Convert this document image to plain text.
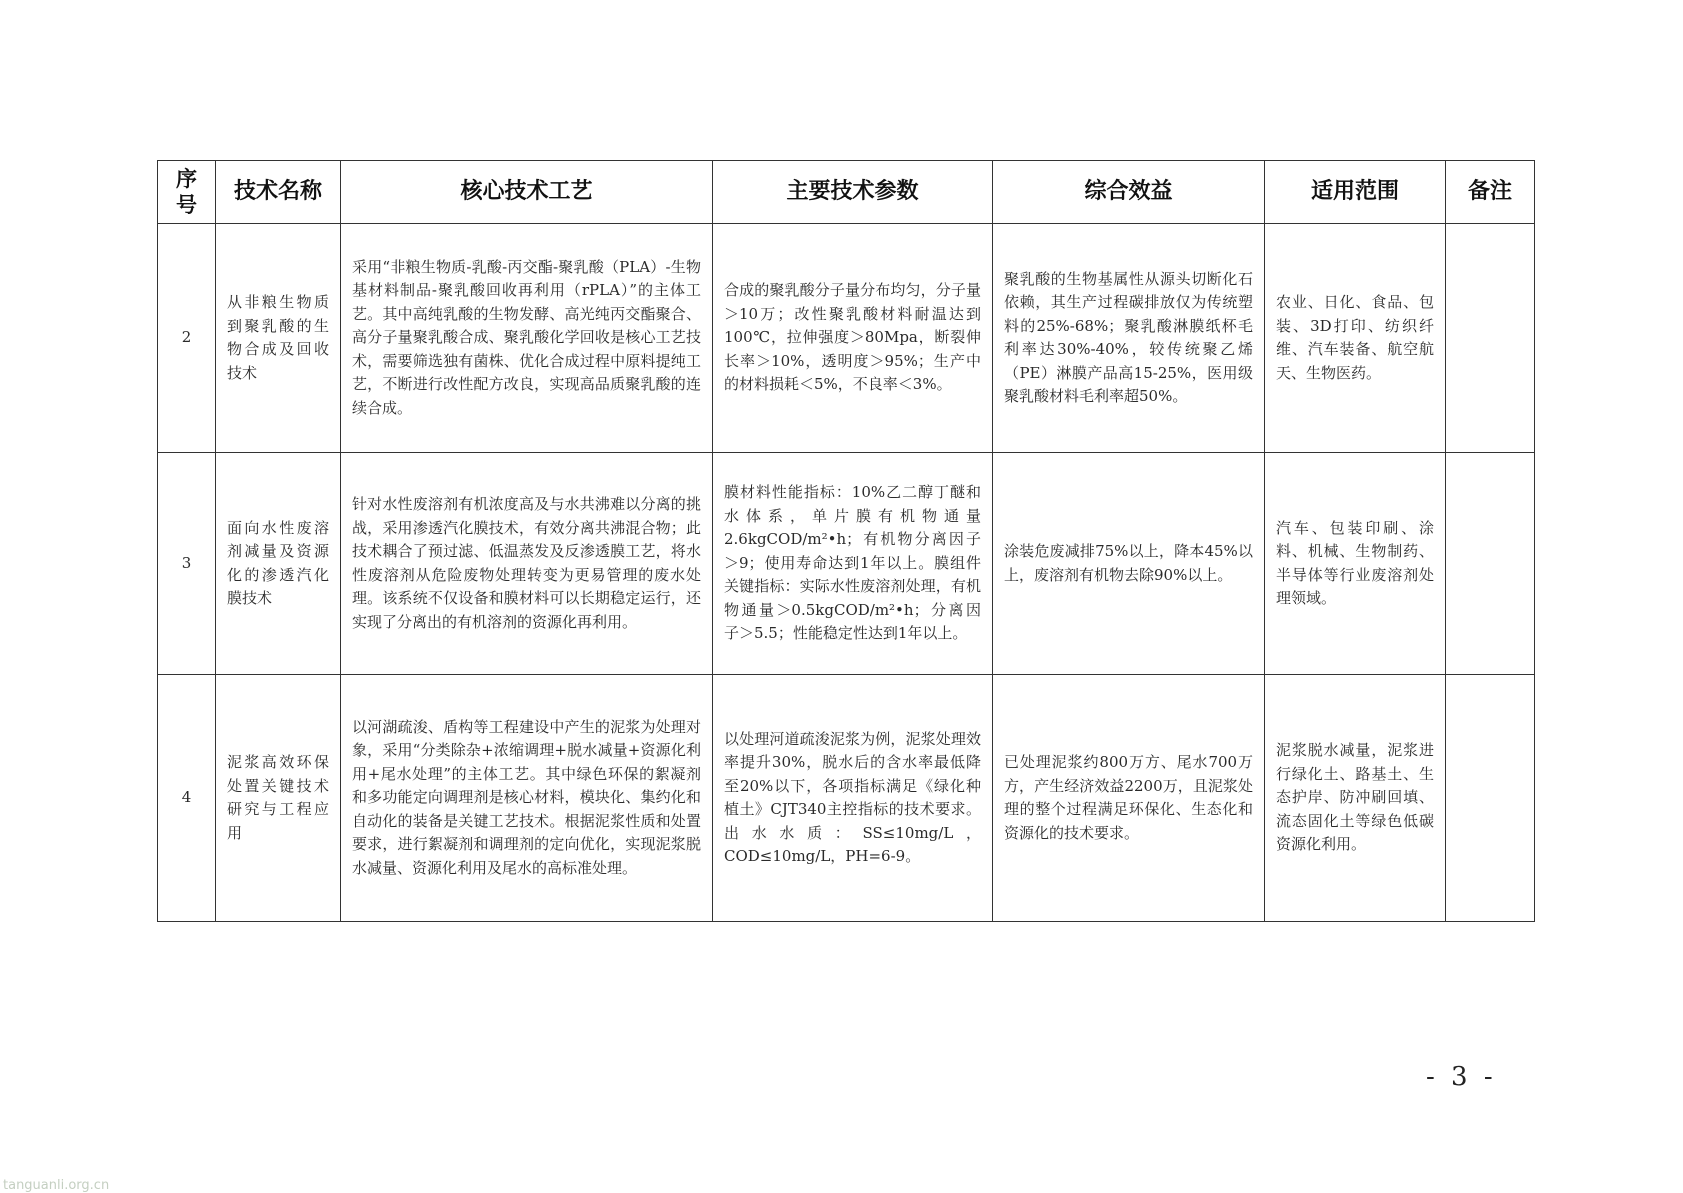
序号	技术名称	核心技术工艺	主要技术参数	综合效益	适用范围	备注
2	从非粮生物质到聚乳酸的生物合成及回收技术	采用“非粮生物质-乳酸-丙交酯-聚乳酸（PLA）-生物基材料制品-聚乳酸回收再利用（rPLA）”的主体工艺。其中高纯乳酸的生物发酵、高光纯丙交酯聚合、高分子量聚乳酸合成、聚乳酸化学回收是核心工艺技术，需要筛选独有菌株、优化合成过程中原料提纯工艺，不断进行改性配方改良，实现高品质聚乳酸的连续合成。	合成的聚乳酸分子量分布均匀，分子量＞10万；改性聚乳酸材料耐温达到100℃，拉伸强度＞80Mpa，断裂伸长率＞10%，透明度＞95%；生产中的材料损耗＜5%，不良率＜3%。	聚乳酸的生物基属性从源头切断化石依赖，其生产过程碳排放仅为传统塑料的25%-68%；聚乳酸淋膜纸杯毛利率达30%-40%，较传统聚乙烯（PE）淋膜产品高15-25%，医用级聚乳酸材料毛利率超50%。	农业、日化、食品、包装、3D打印、纺织纤维、汽车装备、航空航天、生物医药。	
3	面向水性废溶剂减量及资源化的渗透汽化膜技术	针对水性废溶剂有机浓度高及与水共沸难以分离的挑战，采用渗透汽化膜技术，有效分离共沸混合物；此技术耦合了预过滤、低温蒸发及反渗透膜工艺，将水性废溶剂从危险废物处理转变为更易管理的废水处理。该系统不仅设备和膜材料可以长期稳定运行，还实现了分离出的有机溶剂的资源化再利用。	膜材料性能指标：10%乙二醇丁醚和水体系，单片膜有机物通量2.6kgCOD/m²•h；有机物分离因子＞9；使用寿命达到1年以上。膜组件关键指标：实际水性废溶剂处理，有机物通量＞0.5kgCOD/m²•h；分离因子＞5.5；性能稳定性达到1年以上。	涂装危废减排75%以上，降本45%以上，废溶剂有机物去除90%以上。	汽车、包装印刷、涂料、机械、生物制药、半导体等行业废溶剂处理领域。	
4	泥浆高效环保处置关键技术研究与工程应用	以河湖疏浚、盾构等工程建设中产生的泥浆为处理对象，采用“分类除杂+浓缩调理+脱水减量+资源化利用+尾水处理”的主体工艺。其中绿色环保的絮凝剂和多功能定向调理剂是核心材料，模块化、集约化和自动化的装备是关键工艺技术。根据泥浆性质和处置要求，进行絮凝剂和调理剂的定向优化，实现泥浆脱水减量、资源化利用及尾水的高标准处理。	以处理河道疏浚泥浆为例，泥浆处理效率提升30%，脱水后的含水率最低降至20%以下，各项指标满足《绿化种植土》CJT340主控指标的技术要求。出水水质：SS≤10mg/L，COD≤10mg/L，PH=6-9。	已处理泥浆约800万方、尾水700万方，产生经济效益2200万，且泥浆处理的整个过程满足环保化、生态化和资源化的技术要求。	泥浆脱水减量，泥浆进行绿化土、路基土、生态护岸、防冲刷回填、流态固化土等绿色低碳资源化利用。	
- 3 -
tanguanli.org.cn
